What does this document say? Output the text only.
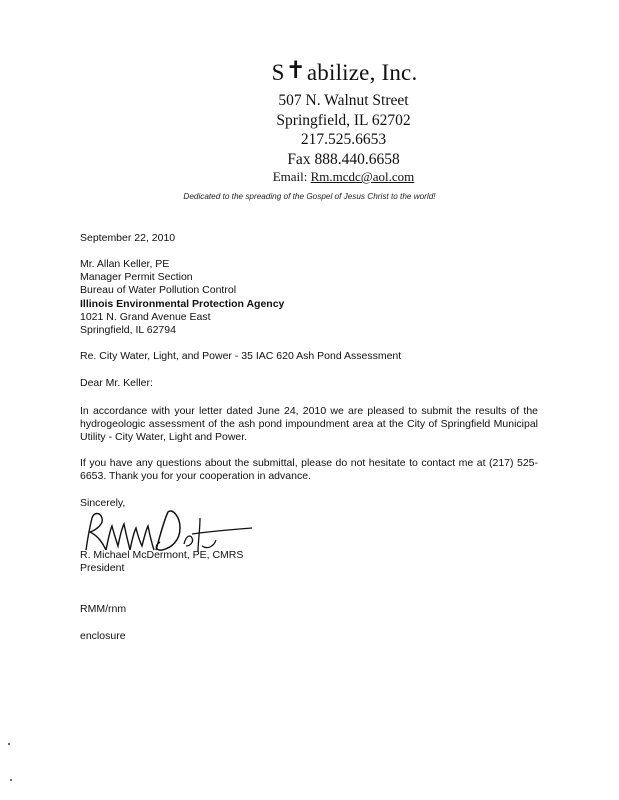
S✝abilize, Inc.
507 N. Walnut Street
Springfield, IL 62702
217.525.6653
Fax 888.440.6658
Email: Rm.mcdc@aol.com
Dedicated to the spreading of the Gospel of Jesus Christ to the world!
September 22, 2010
Mr. Allan Keller, PE
Manager Permit Section
Bureau of Water Pollution Control
Illinois Environmental Protection Agency
1021 N. Grand Avenue East
Springfield, IL 62794
Re. City Water, Light, and Power - 35 IAC 620 Ash Pond Assessment
Dear Mr. Keller:
In accordance with your letter dated June 24, 2010 we are pleased to submit the results of the hydrogeologic assessment of the ash pond impoundment area at the City of Springfield Municipal Utility - City Water, Light and Power.
If you have any questions about the submittal, please do not hesitate to contact me at (217) 525-6653. Thank you for your cooperation in advance.
Sincerely,
R. Michael McDermont, PE, CMRS
President
RMM/rnm
enclosure
